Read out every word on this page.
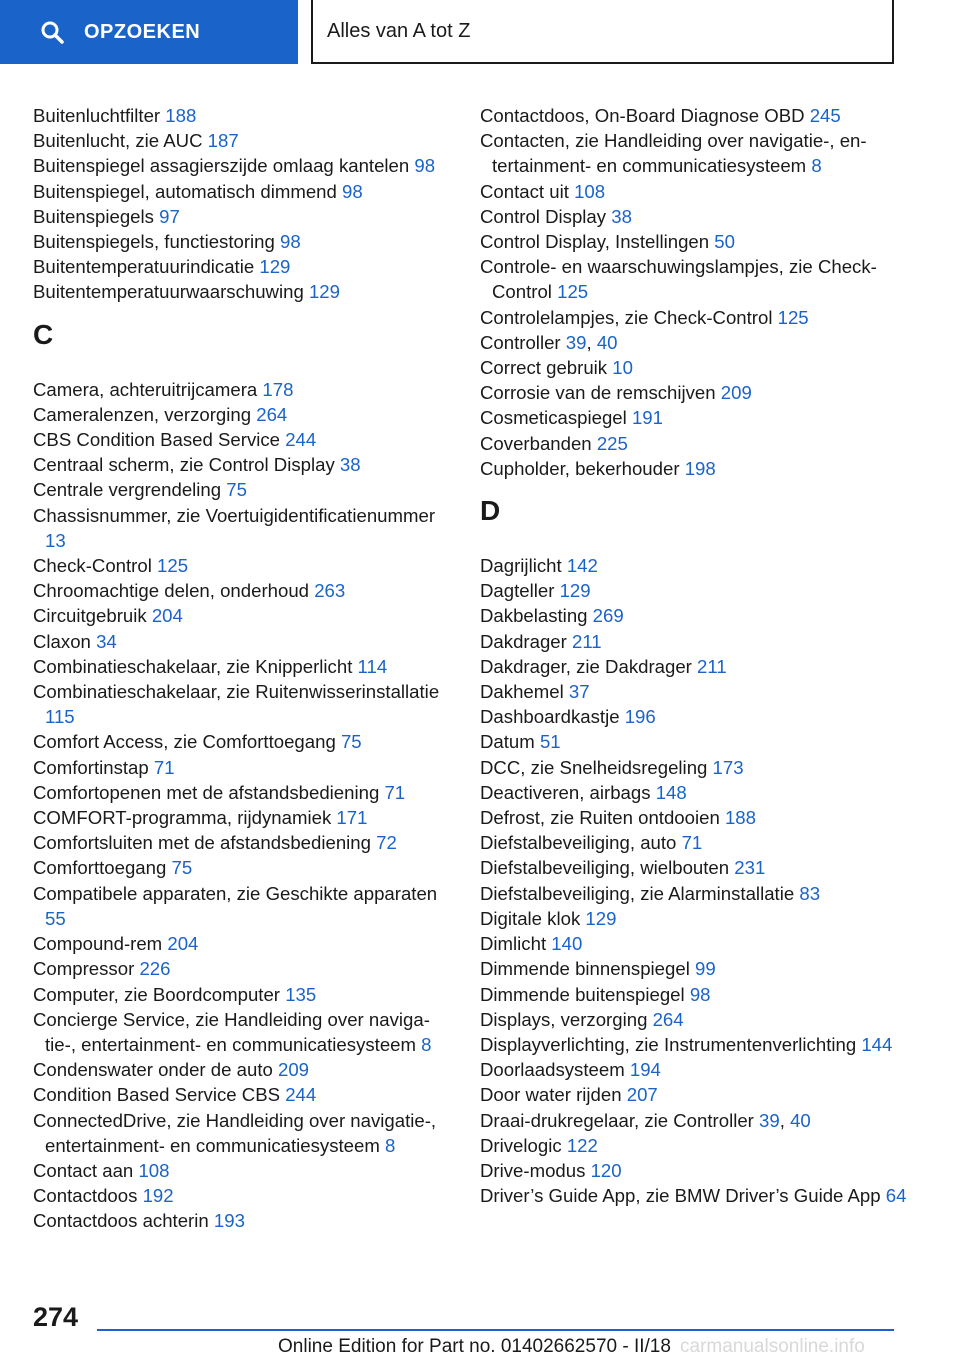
OPZOEKEN	Alles van A tot Z
Buitenluchtfilter 188
Buitenlucht, zie AUC 187
Buitenspiegel assagierszijde omlaag kantelen 98
Buitenspiegel, automatisch dimmend 98
Buitenspiegels 97
Buitenspiegels, functiestoring 98
Buitentemperatuurindicatie 129
Buitentemperatuurwaarschuwing 129
C
Camera, achteruitrijcamera 178
Cameralenzen, verzorging 264
CBS Condition Based Service 244
Centraal scherm, zie Control Display 38
Centrale vergrendeling 75
Chassisnummer, zie Voertuigidentificatienummer 13
Check-Control 125
Chroomachtige delen, onderhoud 263
Circuitgebruik 204
Claxon 34
Combinatieschakelaar, zie Knipperlicht 114
Combinatieschakelaar, zie Ruitenwisserinstallatie 115
Comfort Access, zie Comforttoegang 75
Comfortinstap 71
Comfortopenen met de afstandsbediening 71
COMFORT-programma, rijdynamiek 171
Comfortsluiten met de afstandsbediening 72
Comforttoegang 75
Compatibele apparaten, zie Geschikte apparaten 55
Compound-rem 204
Compressor 226
Computer, zie Boordcomputer 135
Concierge Service, zie Handleiding over navigatie-, entertainment- en communicatiesysteem 8
Condenswater onder de auto 209
Condition Based Service CBS 244
ConnectedDrive, zie Handleiding over navigatie-, entertainment- en communicatiesysteem 8
Contact aan 108
Contactdoos 192
Contactdoos achterin 193
Contactdoos, On-Board Diagnose OBD 245
Contacten, zie Handleiding over navigatie-, entertainment- en communicatiesysteem 8
Contact uit 108
Control Display 38
Control Display, Instellingen 50
Controle- en waarschuwingslampjes, zie Check-Control 125
Controlelampjes, zie Check-Control 125
Controller 39, 40
Correct gebruik 10
Corrosie van de remschijven 209
Cosmeticaspiegel 191
Coverbanden 225
Cupholder, bekerhouder 198
D
Dagrijlicht 142
Dagteller 129
Dakbelasting 269
Dakdrager 211
Dakdrager, zie Dakdrager 211
Dakhemel 37
Dashboardkastje 196
Datum 51
DCC, zie Snelheidsregeling 173
Deactiveren, airbags 148
Defrost, zie Ruiten ontdooien 188
Diefstalbeveiliging, auto 71
Diefstalbeveiliging, wielbouten 231
Diefstalbeveiliging, zie Alarminstallatie 83
Digitale klok 129
Dimlicht 140
Dimmende binnenspiegel 99
Dimmende buitenspiegel 98
Displays, verzorging 264
Displayverlichting, zie Instrumentenverlichting 144
Doorlaadsysteem 194
Door water rijden 207
Draai-drukregelaar, zie Controller 39, 40
Drivelogic 122
Drive-modus 120
Driver’s Guide App, zie BMW Driver’s Guide App 64
274
Online Edition for Part no. 01402662570 - II/18 carmanualsonline.info
